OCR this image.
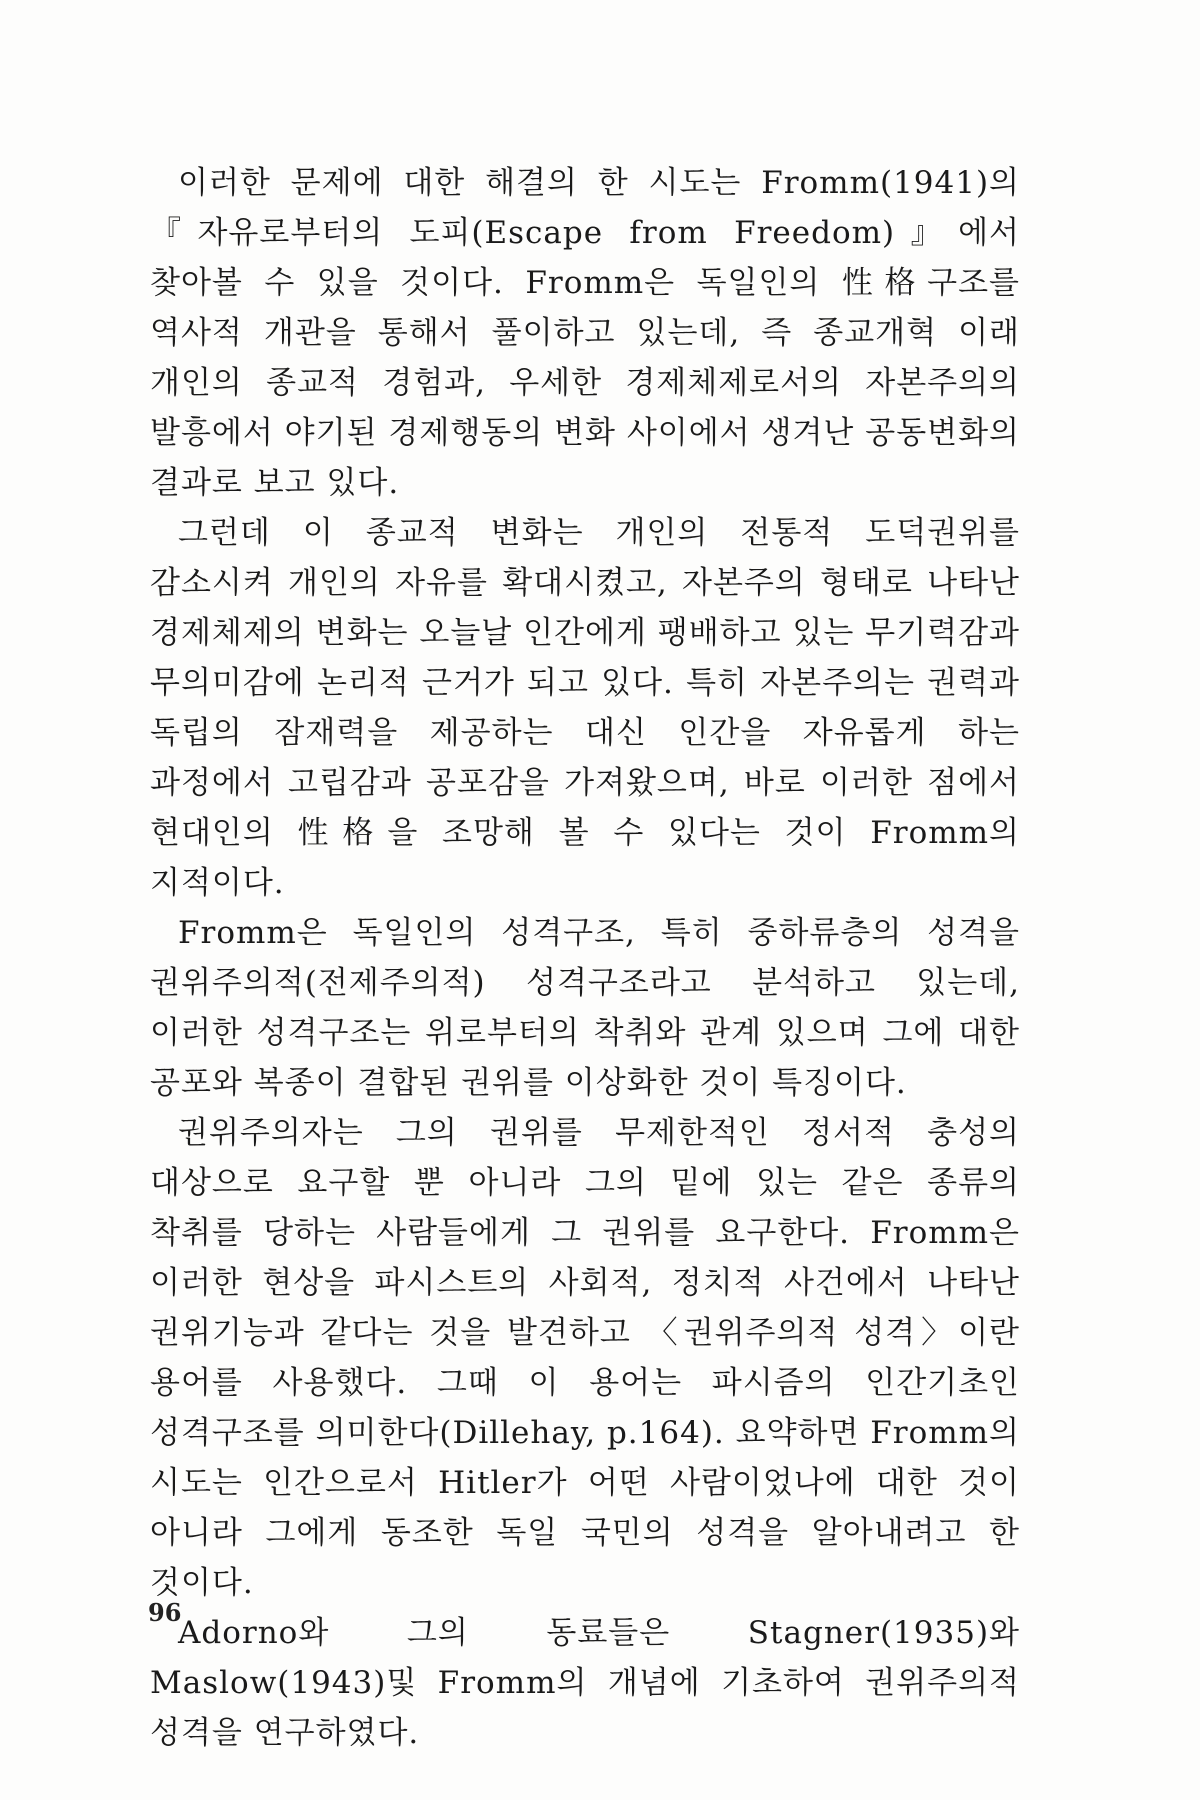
이러한 문제에 대한 해결의 한 시도는 Fromm(1941)의 『자유로부터의 도피(Escape from Freedom)』에서 찾아볼 수 있을 것이다. Fromm은 독일인의 性格구조를 역사적 개관을 통해서 풀이하고 있는데, 즉 종교개혁 이래 개인의 종교적 경험과, 우세한 경제체제로서의 자본주의의 발흥에서 야기된 경제행동의 변화 사이에서 생겨난 공동변화의 결과로 보고 있다.

그런데 이 종교적 변화는 개인의 전통적 도덕권위를 감소시켜 개인의 자유를 확대시켰고, 자본주의 형태로 나타난 경제체제의 변화는 오늘날 인간에게 팽배하고 있는 무기력감과 무의미감에 논리적 근거가 되고 있다. 특히 자본주의는 권력과 독립의 잠재력을 제공하는 대신 인간을 자유롭게 하는 과정에서 고립감과 공포감을 가져왔으며, 바로 이러한 점에서 현대인의 性格을 조망해 볼 수 있다는 것이 Fromm의 지적이다.

Fromm은 독일인의 성격구조, 특히 중하류층의 성격을 권위주의적(전제주의적) 성격구조라고 분석하고 있는데, 이러한 성격구조는 위로부터의 착취와 관계 있으며 그에 대한 공포와 복종이 결합된 권위를 이상화한 것이 특징이다.

권위주의자는 그의 권위를 무제한적인 정서적 충성의 대상으로 요구할 뿐 아니라 그의 밑에 있는 같은 종류의 착취를 당하는 사람들에게 그 권위를 요구한다. Fromm은 이러한 현상을 파시스트의 사회적, 정치적 사건에서 나타난 권위기능과 같다는 것을 발견하고 〈권위주의적 성격〉이란 용어를 사용했다. 그때 이 용어는 파시즘의 인간기초인 성격구조를 의미한다(Dillehay, p.164). 요약하면 Fromm의 시도는 인간으로서 Hitler가 어떤 사람이었나에 대한 것이 아니라 그에게 동조한 독일 국민의 성격을 알아내려고 한 것이다.

Adorno와 그의 동료들은 Stagner(1935)와 Maslow(1943)및 Fromm의 개념에 기초하여 권위주의적 성격을 연구하였다.

96
